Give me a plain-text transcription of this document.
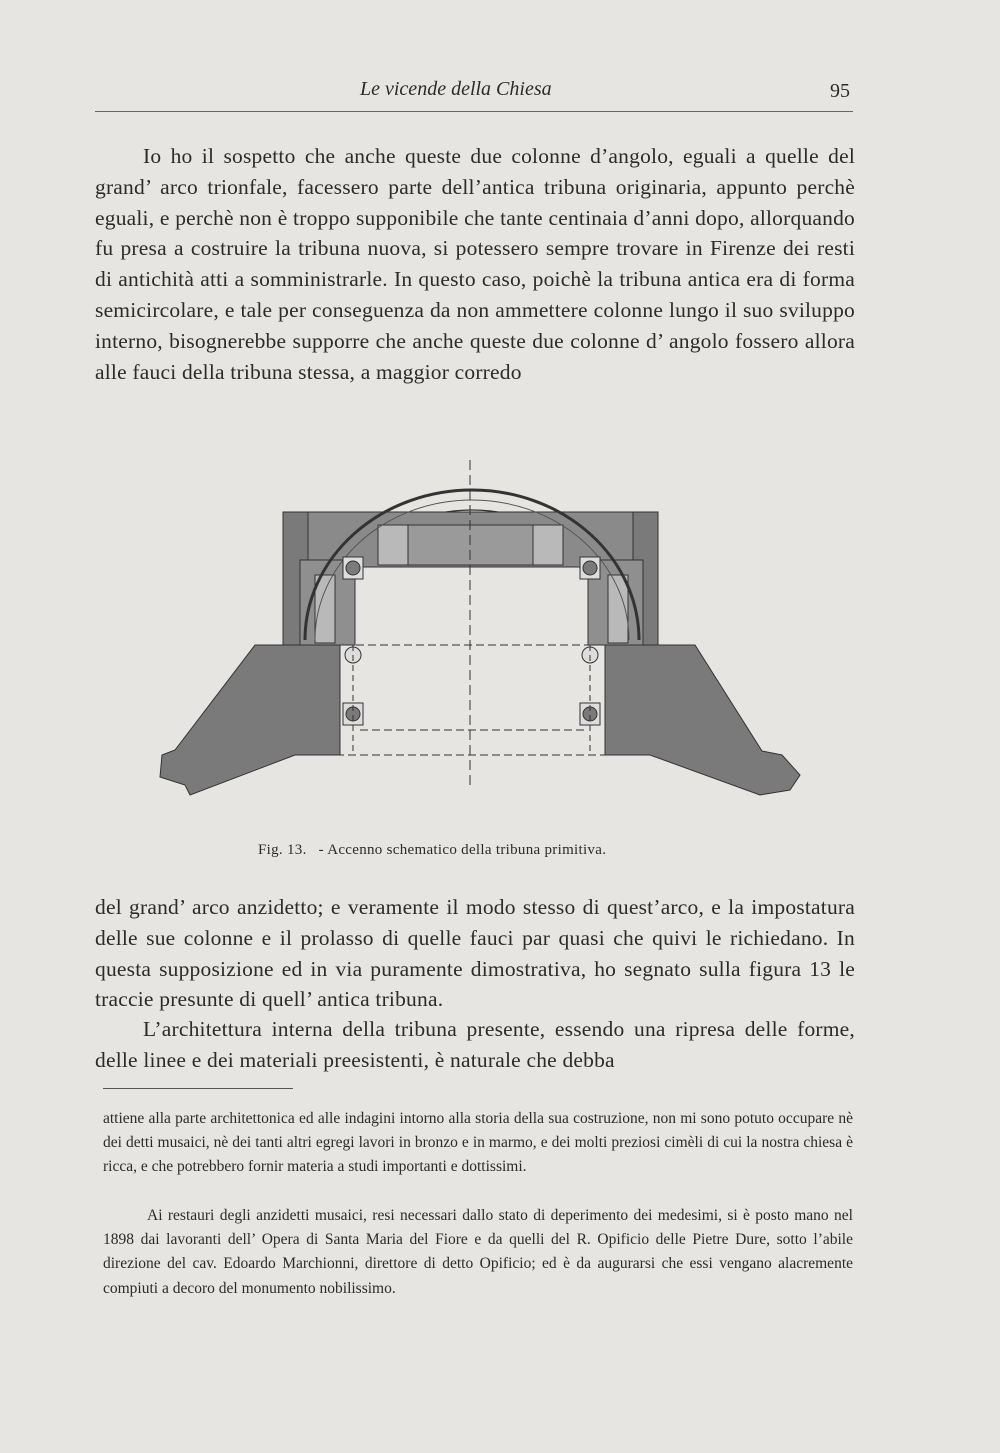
Le vicende della Chiesa	95

Io ho il sospetto che anche queste due colonne d’angolo, eguali a quelle del grand’ arco trionfale, facessero parte dell’antica tribuna originaria, appunto perchè eguali, e perchè non è troppo supponibile che tante centinaia d’anni dopo, allorquando fu presa a costruire la tribuna nuova, si potessero sempre trovare in Firenze dei resti di antichità atti a somministrarle. In questo caso, poichè la tribuna antica era di forma semicircolare, e tale per conseguenza da non ammettere colonne lungo il suo sviluppo interno, bisognerebbe supporre che anche queste due colonne d’ angolo fossero allora alle fauci della tribuna stessa, a maggior corredo

Fig. 13. - Accenno schematico della tribuna primitiva.

del grand’ arco anzidetto; e veramente il modo stesso di quest’arco, e la impostatura delle sue colonne e il prolasso di quelle fauci par quasi che quivi le richiedano. In questa supposizione ed in via puramente dimostrativa, ho segnato sulla figura 13 le traccie presunte di quell’ antica tribuna.

L’architettura interna della tribuna presente, essendo una ripresa delle forme, delle linee e dei materiali preesistenti, è naturale che debba

attiene alla parte architettonica ed alle indagini intorno alla storia della sua costruzione, non mi sono potuto occupare nè dei detti musaici, nè dei tanti altri egregi lavori in bronzo e in marmo, e dei molti preziosi cimèli di cui la nostra chiesa è ricca, e che potrebbero fornir materia a studi importanti e dottissimi.

Ai restauri degli anzidetti musaici, resi necessari dallo stato di deperimento dei medesimi, si è posto mano nel 1898 dai lavoranti dell’ Opera di Santa Maria del Fiore e da quelli del R. Opificio delle Pietre Dure, sotto l’abile direzione del cav. Edoardo Marchionni, direttore di detto Opificio; ed è da augurarsi che essi vengano alacremente compiuti a decoro del monumento nobilissimo.
